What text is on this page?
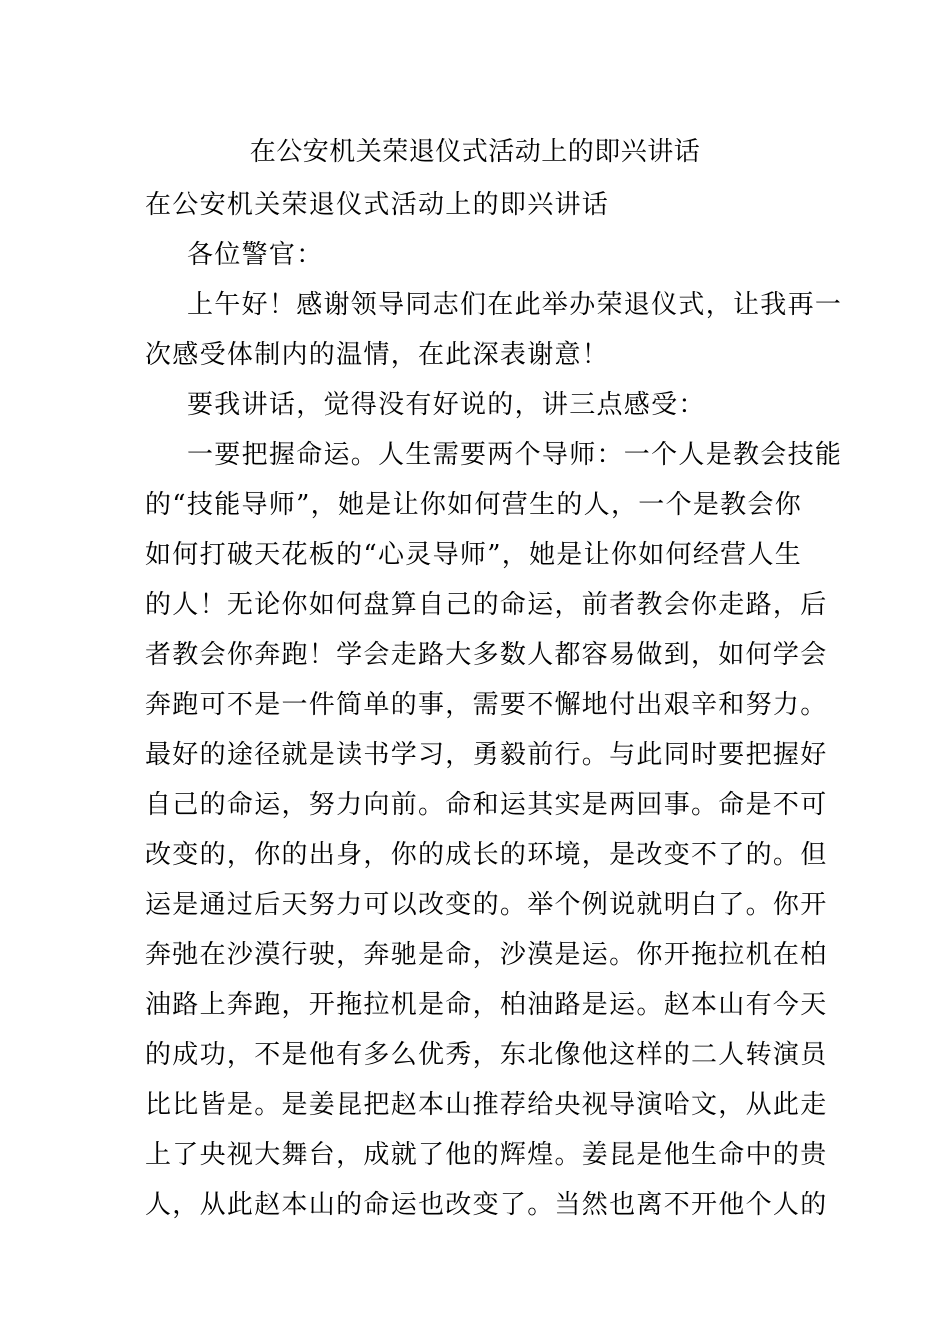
在公安机关荣退仪式活动上的即兴讲话
在公安机关荣退仪式活动上的即兴讲话
各位警官：
上午好！感谢领导同志们在此举办荣退仪式，让我再一
次感受体制内的温情，在此深表谢意！
要我讲话，觉得没有好说的，讲三点感受：
一要把握命运。人生需要两个导师：一个人是教会技能
的“技能导师”，她是让你如何营生的人，一个是教会你
如何打破天花板的“心灵导师”，她是让你如何经营人生
的人！无论你如何盘算自己的命运，前者教会你走路，后
者教会你奔跑！学会走路大多数人都容易做到，如何学会
奔跑可不是一件简单的事，需要不懈地付出艰辛和努力。
最好的途径就是读书学习，勇毅前行。与此同时要把握好
自己的命运，努力向前。命和运其实是两回事。命是不可
改变的，你的出身，你的成长的环境，是改变不了的。但
运是通过后天努力可以改变的。举个例说就明白了。你开
奔弛在沙漠行驶，奔驰是命，沙漠是运。你开拖拉机在柏
油路上奔跑，开拖拉机是命，柏油路是运。赵本山有今天
的成功，不是他有多么优秀，东北像他这样的二人转演员
比比皆是。是姜昆把赵本山推荐给央视导演哈文，从此走
上了央视大舞台，成就了他的辉煌。姜昆是他生命中的贵
人，从此赵本山的命运也改变了。当然也离不开他个人的
